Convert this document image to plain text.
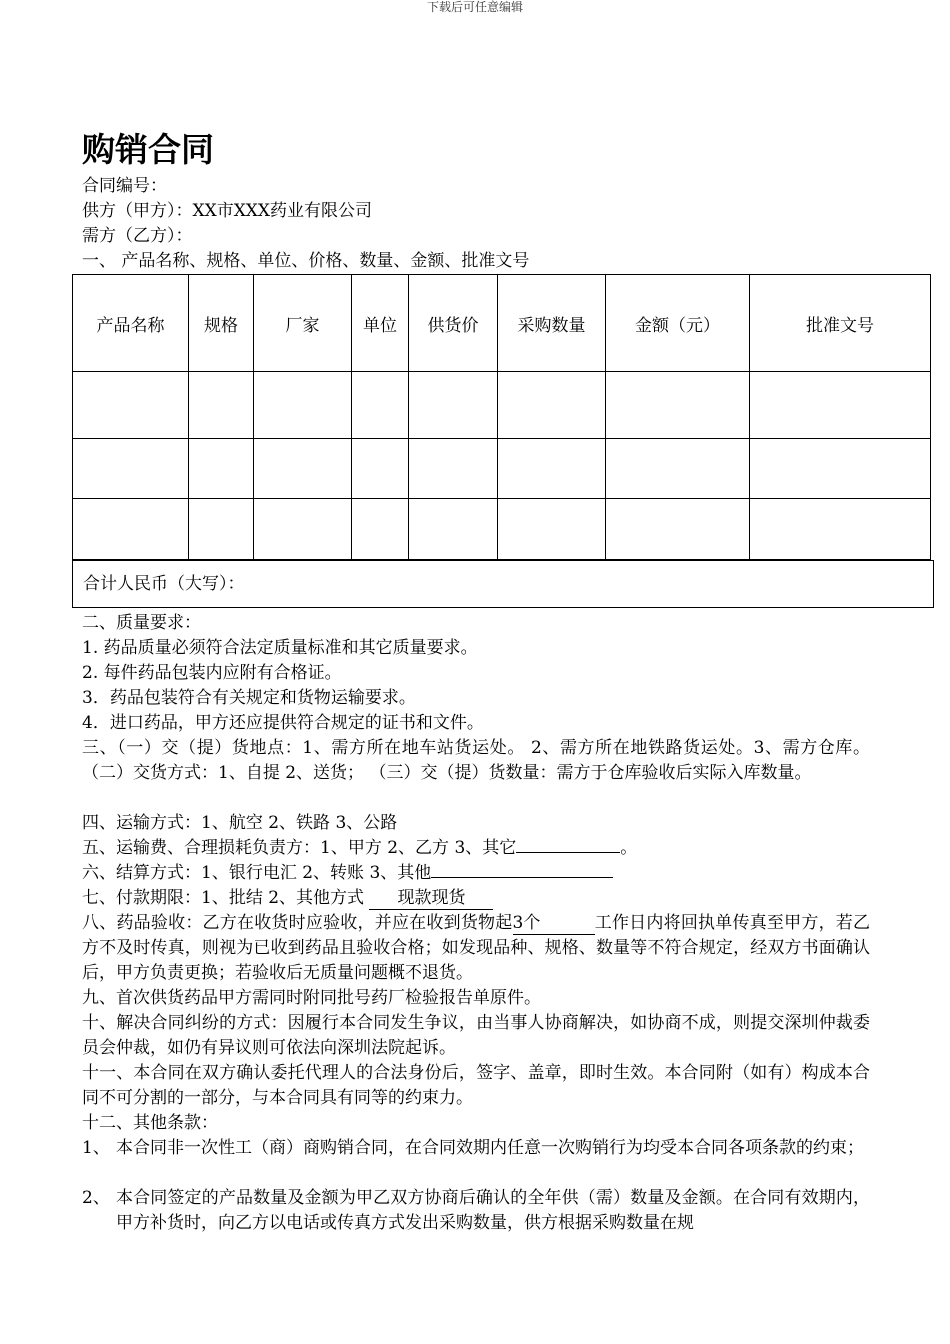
下载后可任意编辑
购销合同
合同编号：
供方（甲方）：XX市XXX药业有限公司
需方（乙方）：
一、 产品名称、规格、单位、价格、数量、金额、批准文号
产品名称	规格	厂家	单位	供货价	采购数量	金额（元）	批准文号

合计人民币（大写）：
二、质量要求：
1. 药品质量必须符合法定质量标准和其它质量要求。
2. 每件药品包装内应附有合格证。
3．药品包装符合有关规定和货物运输要求。
4．进口药品，甲方还应提供符合规定的证书和文件。

三、（一）交（提）货地点：1、需方所在地车站货运处。 2、需方所在地铁路货运处。3、需方仓库。 （二）交货方式：1、自提 2、送货； （三）交（提）货数量：需方于仓库验收后实际入库数量。

四、运输方式：1、航空 2、铁路 3、公路
五、运输费、合理损耗负责方：1、甲方 2、乙方 3、其它	。
六、结算方式：1、银行电汇 2、转账 3、其他
七、付款期限：1、批结 2、其他方式 现款现货

八、药品验收：乙方在收货时应验收，并应在收到货物起3个	工作日内将回执单传真至甲方，若乙方不及时传真，则视为已收到药品且验收合格；如发现品种、规格、数量等不符合规定，经双方书面确认后，甲方负责更换；若验收后无质量问题概不退货。

九、首次供货药品甲方需同时附同批号药厂检验报告单原件。

十、解决合同纠纷的方式：因履行本合同发生争议，由当事人协商解决，如协商不成，则提交深圳仲裁委员会仲裁，如仍有异议则可依法向深圳法院起诉。

十一、本合同在双方确认委托代理人的合法身份后，签字、盖章，即时生效。本合同附（如有）构成本合同不可分割的一部分，与本合同具有同等的约束力。

十二、其他条款：
1、 本合同非一次性工（商）商购销合同，在合同效期内任意一次购销行为均受本合同各项条款的约束；
2、 本合同签定的产品数量及金额为甲乙双方协商后确认的全年供（需）数量及金额。在合同有效期内，甲方补货时，向乙方以电话或传真方式发出采购数量，供方根据采购数量在规
